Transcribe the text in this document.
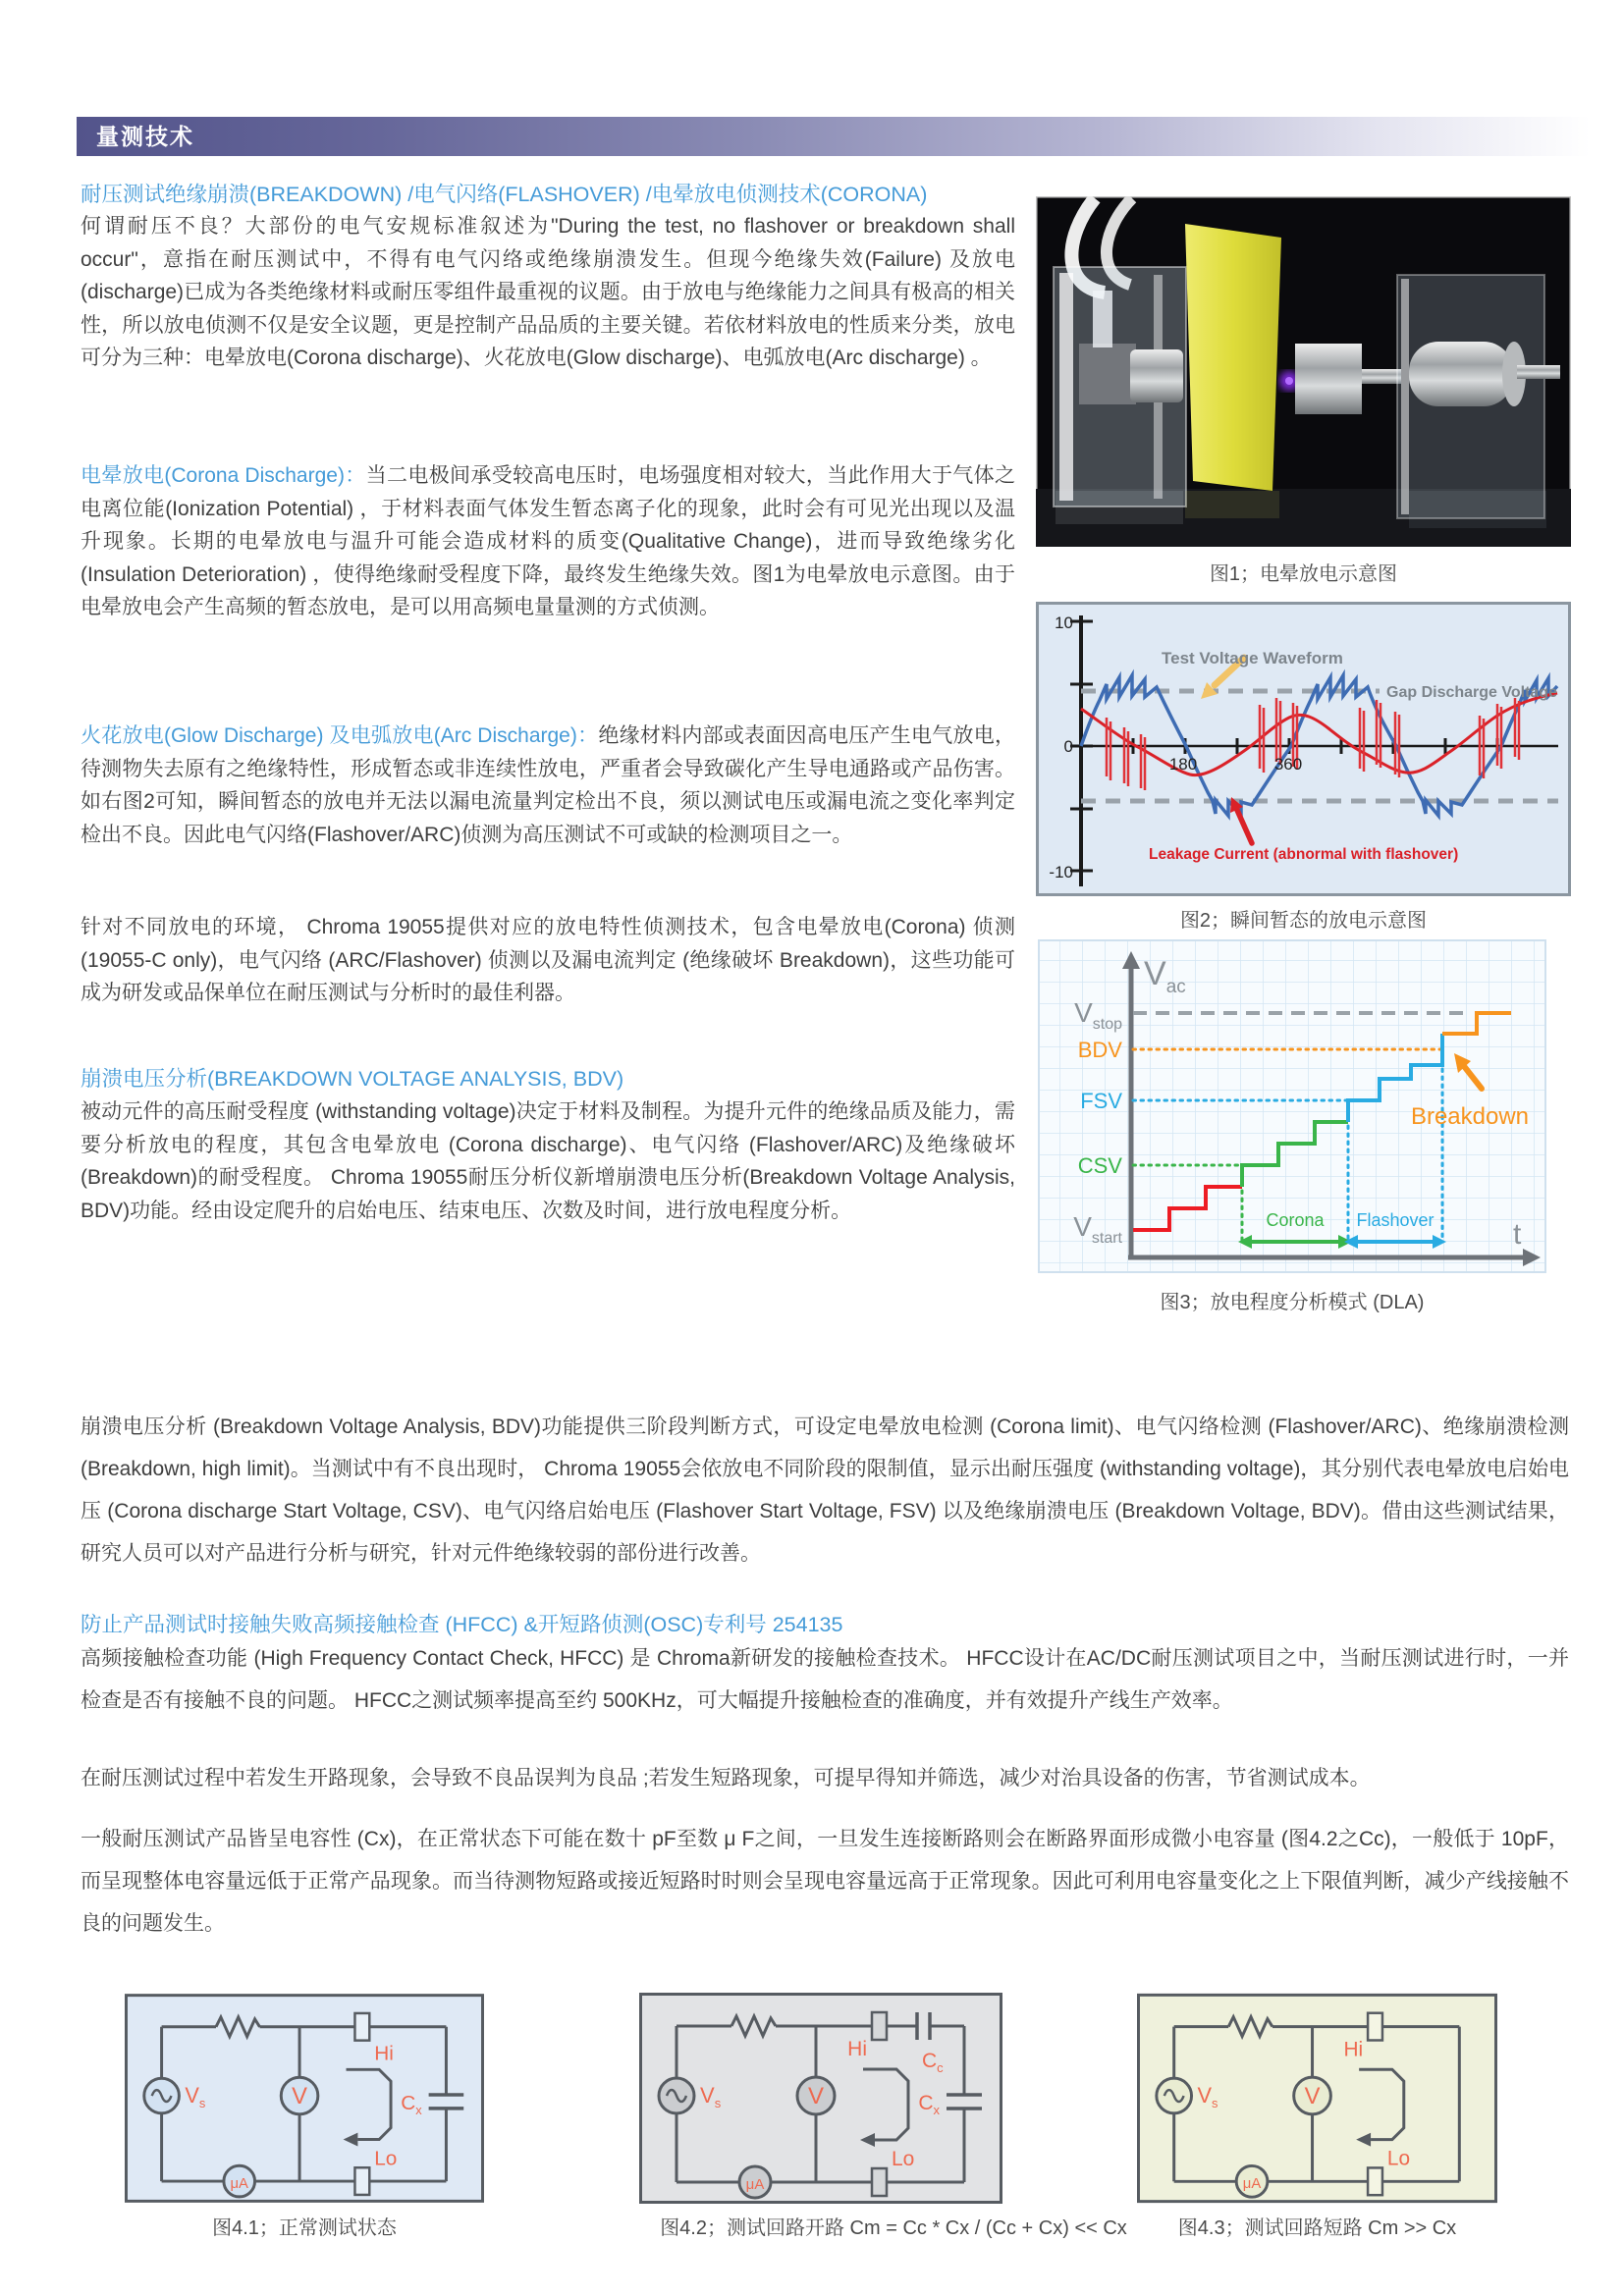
量测技术
耐压测试绝缘崩溃(BREAKDOWN) /电气闪络(FLASHOVER) /电晕放电侦测技术(CORONA)
何谓耐压不良？大部份的电气安规标准叙述为"During the test, no flashover or breakdown shall occur"，意指在耐压测试中，不得有电气闪络或绝缘崩溃发生。但现今绝缘失效(Failure) 及放电(discharge)已成为各类绝缘材料或耐压零组件最重视的议题。由于放电与绝缘能力之间具有极高的相关性，所以放电侦测不仅是安全议题，更是控制产品品质的主要关键。若依材料放电的性质来分类，放电可分为三种：电晕放电(Corona discharge)、火花放电(Glow discharge)、电弧放电(Arc discharge) 。
电晕放电(Corona Discharge)：当二电极间承受较高电压时，电场强度相对较大，当此作用大于气体之电离位能(Ionization Potential) ，于材料表面气体发生暂态离子化的现象，此时会有可见光出现以及温升现象。长期的电晕放电与温升可能会造成材料的质变(Qualitative Change)，进而导致绝缘劣化 (Insulation Deterioration) ，使得绝缘耐受程度下降，最终发生绝缘失效。图1为电晕放电示意图。由于电晕放电会产生高频的暂态放电，是可以用高频电量量测的方式侦测。
火花放电(Glow Discharge) 及电弧放电(Arc Discharge)：绝缘材料内部或表面因高电压产生电气放电，待测物失去原有之绝缘特性，形成暂态或非连续性放电，严重者会导致碳化产生导电通路或产品伤害。如右图2可知，瞬间暂态的放电并无法以漏电流量判定检出不良，须以测试电压或漏电流之变化率判定检出不良。因此电气闪络(Flashover/ARC)侦测为高压测试不可或缺的检测项目之一。
针对不同放电的环境， Chroma 19055提供对应的放电特性侦测技术，包含电晕放电(Corona) 侦测 (19055-C only)，电气闪络 (ARC/Flashover) 侦测以及漏电流判定 (绝缘破坏 Breakdown)，这些功能可成为研发或品保单位在耐压测试与分析时的最佳利器。
崩溃电压分析(BREAKDOWN VOLTAGE ANALYSIS, BDV)
被动元件的高压耐受程度 (withstanding voltage)决定于材料及制程。为提升元件的绝缘品质及能力，需要分析放电的程度，其包含电晕放电 (Corona discharge)、电气闪络 (Flashover/ARC)及绝缘破坏 (Breakdown)的耐受程度。 Chroma 19055耐压分析仪新增崩溃电压分析(Breakdown Voltage Analysis, BDV)功能。经由设定爬升的启始电压、结束电压、次数及时间，进行放电程度分析。
崩溃电压分析 (Breakdown Voltage Analysis, BDV)功能提供三阶段判断方式，可设定电晕放电检测 (Corona limit)、电气闪络检测 (Flashover/ARC)、绝缘崩溃检测 (Breakdown, high limit)。当测试中有不良出现时， Chroma 19055会依放电不同阶段的限制值，显示出耐压强度 (withstanding voltage)，其分别代表电晕放电启始电压 (Corona discharge Start Voltage, CSV)、电气闪络启始电压 (Flashover Start Voltage, FSV) 以及绝缘崩溃电压 (Breakdown Voltage, BDV)。借由这些测试结果，研究人员可以对产品进行分析与研究，针对元件绝缘较弱的部份进行改善。
防止产品测试时接触失败高频接触检查 (HFCC) &开短路侦测(OSC)专利号 254135
高频接触检查功能 (High Frequency Contact Check, HFCC) 是 Chroma新研发的接触检查技术。 HFCC设计在AC/DC耐压测试项目之中，当耐压测试进行时，一并检查是否有接触不良的问题。 HFCC之测试频率提高至约 500KHz，可大幅提升接触检查的准确度，并有效提升产线生产效率。
在耐压测试过程中若发生开路现象，会导致不良品误判为良品 ;若发生短路现象，可提早得知并筛选，减少对治具设备的伤害，节省测试成本。
一般耐压测试产品皆呈电容性 (Cx)，在正常状态下可能在数十 pF至数 μ F之间，一旦发生连接断路则会在断路界面形成微小电容量 (图4.2之Cc)，一般低于 10pF，而呈现整体电容量远低于正常产品现象。而当待测物短路或接近短路时时则会呈现电容量远高于正常现象。因此可利用电容量变化之上下限值判断，减少产线接触不良的问题发生。
图1；电晕放电示意图
Test Voltage Waveform
Gap Discharge Voltage
Leakage Current (abnormal with flashover)
10
0
-10
180	360
图2；瞬间暂态的放电示意图
Vac
Vstop
BDV
FSV
CSV
Vstart
Corona Flashover
Breakdown
t
图3；放电程度分析模式 (DLA)
$V_s$	V
μA
Hi
Lo
$C_x$
图4.1；正常测试状态
$V_s$	V
μA
Hi
Lo
$C_c$
$C_x$
图4.2；测试回路开路 Cm = Cc * Cx / (Cc + Cx) << Cx
$V_s$	V
μA
Hi
Lo
图4.3；测试回路短路 Cm >> Cx
